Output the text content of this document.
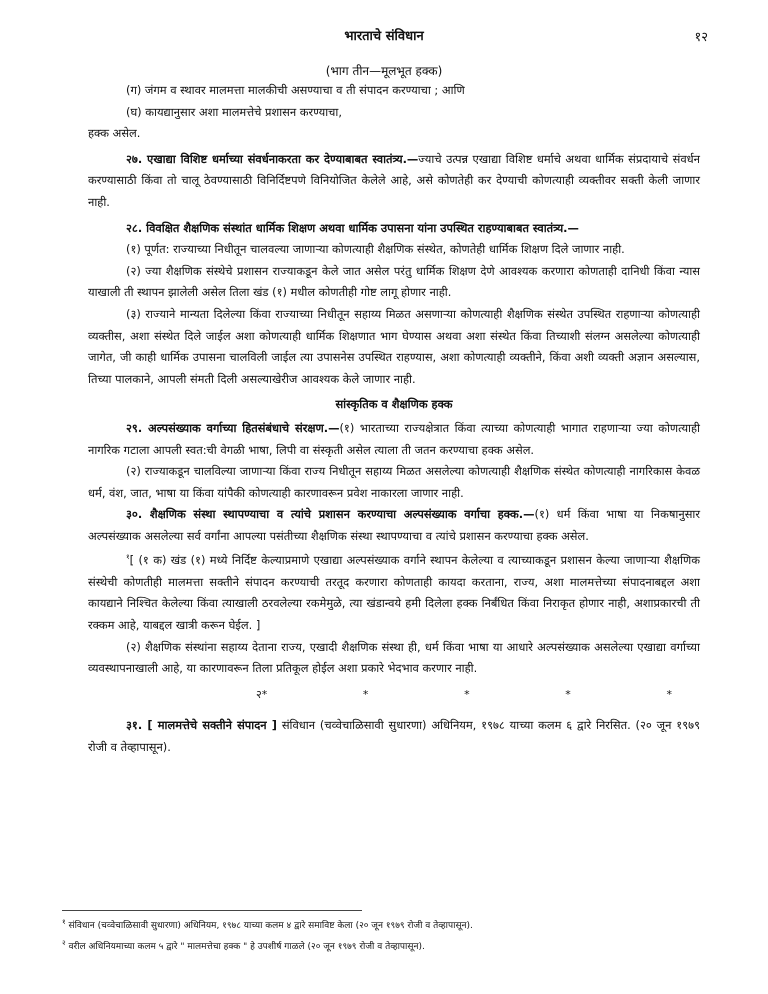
भारताचे संविधान	१२
(भाग तीन—मूलभूत हक्क)

(ग) जंगम व स्थावर मालमत्ता मालकीची असण्याचा व ती संपादन करण्याचा ; आणि

(घ) कायद्यानुसार अशा मालमत्तेचे प्रशासन करण्याचा,

हक्क असेल.

२७. एखाद्या विशिष्ट धर्माच्या संवर्धनाकरता कर देण्याबाबत स्वातंत्र्य.—ज्याचे उत्पन्न एखाद्या विशिष्ट धर्माचे अथवा धार्मिक संप्रदायाचे संवर्धन करण्यासाठी किंवा तो चालू ठेवण्यासाठी विनिर्दिष्टपणे विनियोजित केलेले आहे, असे कोणतेही कर देण्याची कोणत्याही व्यक्तीवर सक्ती केली जाणार नाही.

२८. विवक्षित शैक्षणिक संस्थांत धार्मिक शिक्षण अथवा धार्मिक उपासना यांना उपस्थित राहण्याबाबत स्वातंत्र्य.—

(१) पूर्णत: राज्याच्या निधीतून चालवल्या जाणाऱ्या कोणत्याही शैक्षणिक संस्थेत, कोणतेही धार्मिक शिक्षण दिले जाणार नाही.

(२) ज्या शैक्षणिक संस्थेचे प्रशासन राज्याकडून केले जात असेल परंतु धार्मिक शिक्षण देणे आवश्यक करणारा कोणताही दानिधी किंवा न्यास याखाली ती स्थापन झालेली असेल तिला खंड (१) मधील कोणतीही गोष्ट लागू होणार नाही.

(३) राज्याने मान्यता दिलेल्या किंवा राज्याच्या निधीतून सहाय्य मिळत असणाऱ्या कोणत्याही शैक्षणिक संस्थेत उपस्थित राहणाऱ्या कोणत्याही व्यक्तीस, अशा संस्थेत दिले जाईल अशा कोणत्याही धार्मिक शिक्षणात भाग घेण्यास अथवा अशा संस्थेत किंवा तिच्याशी संलग्न असलेल्या कोणत्याही जागेत, जी काही धार्मिक उपासना चालविली जाईल त्या उपासनेस उपस्थित राहण्यास, अशा कोणत्याही व्यक्तीने, किंवा अशी व्यक्ती अज्ञान असल्यास, तिच्या पालकाने, आपली संमती दिली असल्याखेरीज आवश्यक केले जाणार नाही.

सांस्कृतिक व शैक्षणिक हक्क

२९. अल्पसंख्याक वर्गाच्या हितसंबंधाचे संरक्षण.—(१) भारताच्या राज्यक्षेत्रात किंवा त्याच्या कोणत्याही भागात राहणाऱ्या ज्या कोणत्याही नागरिक गटाला आपली स्वत:ची वेगळी भाषा, लिपी वा संस्कृती असेल त्याला ती जतन करण्याचा हक्क असेल.

(२) राज्याकडून चालविल्या जाणाऱ्या किंवा राज्य निधीतून सहाय्य मिळत असलेल्या कोणत्याही शैक्षणिक संस्थेत कोणत्याही नागरिकास केवळ धर्म, वंश, जात, भाषा या किंवा यांपैकी कोणत्याही कारणावरून प्रवेश नाकारला जाणार नाही.

३०. शैक्षणिक संस्था स्थापण्याचा व त्यांचे प्रशासन करण्याचा अल्पसंख्याक वर्गाचा हक्क.—(१) धर्म किंवा भाषा या निकषानुसार अल्पसंख्याक असलेल्या सर्व वर्गांना आपल्या पसंतीच्या शैक्षणिक संस्था स्थापण्याचा व त्यांचे प्रशासन करण्याचा हक्क असेल.

$^१$[ (१ क) खंड (१) मध्ये निर्दिष्ट केल्याप्रमाणे एखाद्या अल्पसंख्याक वर्गाने स्थापन केलेल्या व त्याच्याकडून प्रशासन केल्या जाणाऱ्या शैक्षणिक संस्थेची कोणतीही मालमत्ता सक्तीने संपादन करण्याची तरतूद करणारा कोणताही कायदा करताना, राज्य, अशा मालमत्तेच्या संपादनाबद्दल अशा कायद्याने निश्चित केलेल्या किंवा त्याखाली ठरवलेल्या रकमेमुळे, त्या खंडान्वये हमी दिलेला हक्क निर्बंधित किंवा निराकृत होणार नाही, अशाप्रकारची ती रक्कम आहे, याबद्दल खात्री करून घेईल. ]

(२) शैक्षणिक संस्थांना सहाय्य देताना राज्य, एखादी शैक्षणिक संस्था ही, धर्म किंवा भाषा या आधारे अल्पसंख्याक असलेल्या एखाद्या वर्गाच्या व्यवस्थापनाखाली आहे, या कारणावरून तिला प्रतिकूल होईल अशा प्रकारे भेदभाव करणार नाही.

२*	*	*	*	*

३१. [ मालमत्तेचे सक्तीने संपादन ] संविधान (चव्वेचाळिसावी सुधारणा) अधिनियम, १९७८ याच्या कलम ६ द्वारे निरसित. (२० जून १९७९ रोजी व तेव्हापासून).

$^१$ संविधान (चव्वेचाळिसावी सुधारणा) अधिनियम, १९७८ याच्या कलम ४ द्वारे समाविष्ट केला (२० जून १९७९ रोजी व तेव्हापासून).

$^२$ वरील अधिनियमाच्या कलम ५ द्वारे " मालमत्तेचा हक्क " हे उपशीर्ष गाळले (२० जून १९७९ रोजी व तेव्हापासून).
